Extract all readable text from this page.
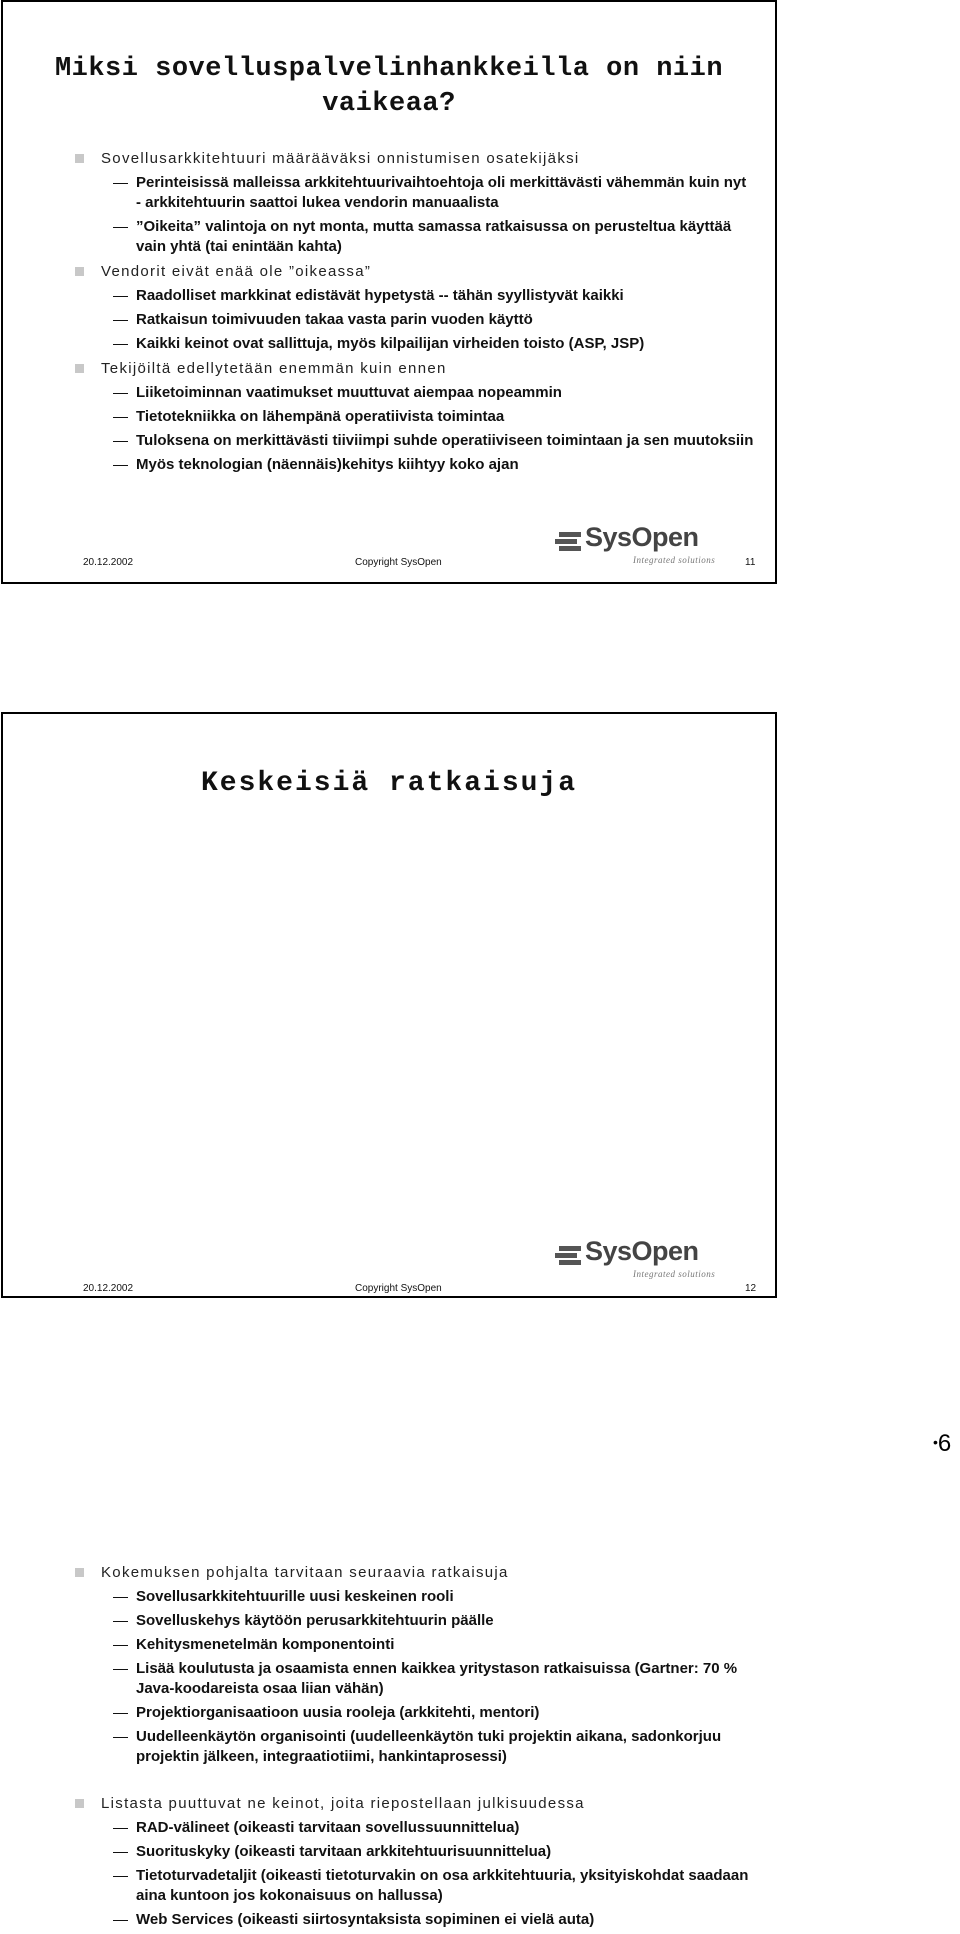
Miksi sovelluspalvelinhankkeilla on niin vaikeaa?
Sovellusarkkitehtuuri määrääväksi onnistumisen osatekijäksi
Perinteisissä malleissa arkkitehtuurivaihtoehtoja oli merkittävästi vähemmän kuin nyt - arkkitehtuurin saattoi lukea vendorin manuaalista
”Oikeita” valintoja on nyt monta, mutta samassa ratkaisussa on perusteltua käyttää vain yhtä (tai enintään kahta)
Vendorit eivät enää ole ”oikeassa”
Raadolliset markkinat edistävät hypetystä -- tähän syyllistyvät kaikki
Ratkaisun toimivuuden takaa vasta parin vuoden käyttö
Kaikki keinot ovat sallittuja, myös kilpailijan virheiden toisto (ASP, JSP)
Tekijöiltä edellytetään enemmän kuin ennen
Liiketoiminnan vaatimukset muuttuvat aiempaa nopeammin
Tietotekniikka on lähempänä operatiivista toimintaa
Tuloksena on merkittävästi tiiviimpi suhde operatiiviseen toimintaan ja sen muutoksiin
Myös teknologian (näennäis)kehitys kiihtyy koko ajan
SysOpen
Integrated solutions
20.12.2002	Copyright SysOpen	11
Keskeisiä ratkaisuja
Kokemuksen pohjalta tarvitaan seuraavia ratkaisuja
Sovellusarkkitehtuurille uusi keskeinen rooli
Sovelluskehys käytöön perusarkkitehtuurin päälle
Kehitysmenetelmän komponentointi
Lisää koulutusta ja osaamista ennen kaikkea yritystason ratkaisuissa (Gartner: 70 % Java-koodareista osaa liian vähän)
Projektiorganisaatioon uusia rooleja (arkkitehti, mentori)
Uudelleenkäytön organisointi (uudelleenkäytön tuki projektin aikana, sadonkorjuu projektin jälkeen, integraatiotiimi, hankintaprosessi)
Listasta puuttuvat ne keinot, joita riepostellaan julkisuudessa
RAD-välineet (oikeasti tarvitaan sovellussuunnittelua)
Suorituskyky (oikeasti tarvitaan arkkitehtuurisuunnittelua)
Tietoturvadetaljit (oikeasti tietoturvakin on osa arkkitehtuuria, yksityiskohdat saadaan aina kuntoon jos kokonaisuus on hallussa)
Web Services (oikeasti siirtosyntaksista sopiminen ei vielä auta)
SysOpen
Integrated solutions
20.12.2002	Copyright SysOpen	12
•6
